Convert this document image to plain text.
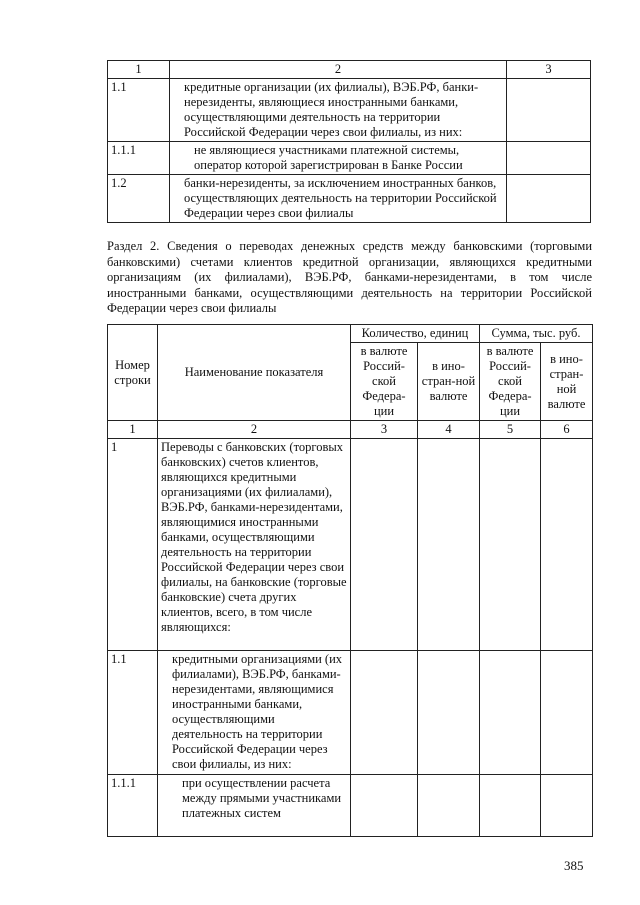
1	2	3
1.1	кредитные организации (их филиалы), ВЭБ.РФ, банки-нерезиденты, являющиеся иностранными банками, осуществляющими деятельность на территории Российской Федерации через свои филиалы, из них:	
1.1.1	не являющиеся участниками платежной системы, оператор которой зарегистрирован в Банке России	
1.2	банки-нерезиденты, за исключением иностранных банков, осуществляющих деятельность на территории Российской Федерации через свои филиалы	

Раздел 2. Сведения о переводах денежных средств между банковскими (торговыми банковскими) счетами клиентов кредитной организации, являющихся кредитными организациям (их филиалами), ВЭБ.РФ, банками-нерезидентами, в том числе иностранными банками, осуществляющими деятельность на территории Российской Федерации через свои филиалы

Номер строки	Наименование показателя	Количество, единиц		Сумма, тыс. руб.	
		в валюте Россий-ской Федера-ции	в ино-стран-ной валюте	в валюте Россий-ской Федера-ции	в ино-стран-ной валюте
1	2	3	4	5	6
1	Переводы с банковских (торговых банковских) счетов клиентов, являющихся кредитными организациями (их филиалами), ВЭБ.РФ, банками-нерезидентами, являющимися иностранными банками, осуществляющими деятельность на территории Российской Федерации через свои филиалы, на банковские (торговые банковские) счета других клиентов, всего, в том числе являющихся:				
1.1	кредитными организациями (их филиалами), ВЭБ.РФ, банками-нерезидентами, являющимися иностранными банками, осуществляющими деятельность на территории Российской Федерации через свои филиалы, из них:				
1.1.1	при осуществлении расчета между прямыми участниками платежных систем				
385
